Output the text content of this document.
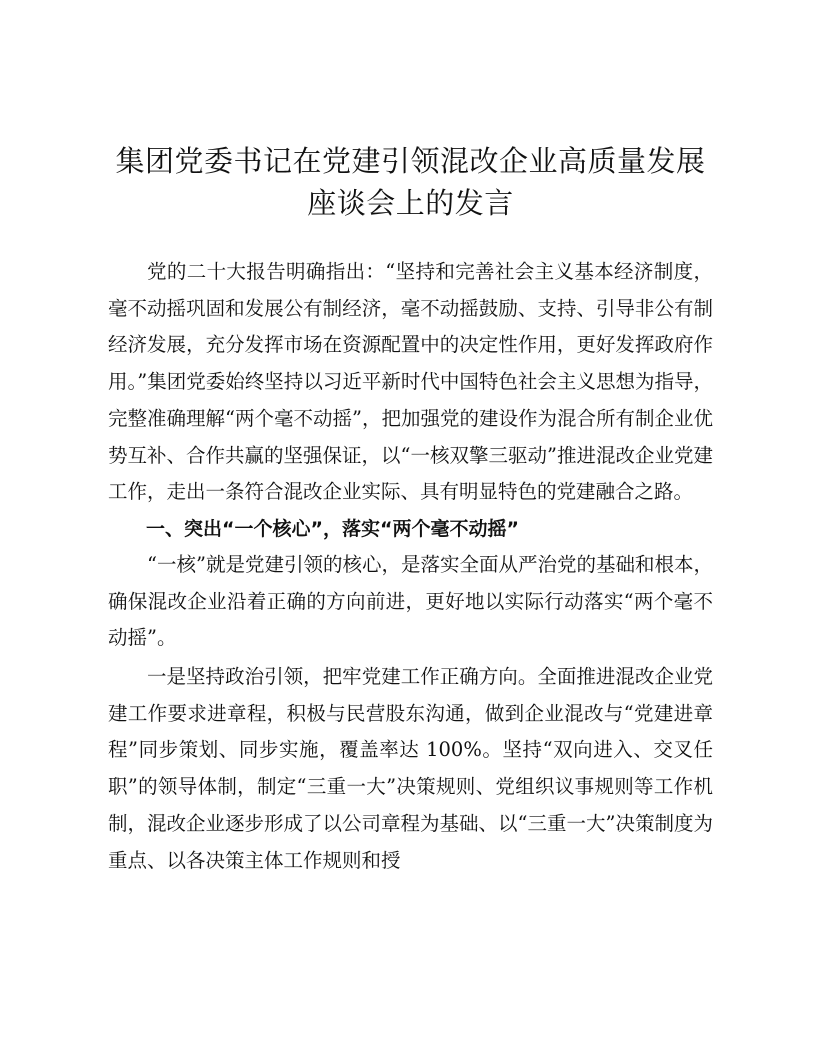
集团党委书记在党建引领混改企业高质量发展
座谈会上的发言

党的二十大报告明确指出：“坚持和完善社会主义基本经济制度，毫不动摇巩固和发展公有制经济，毫不动摇鼓励、支持、引导非公有制经济发展，充分发挥市场在资源配置中的决定性作用，更好发挥政府作用。”集团党委始终坚持以习近平新时代中国特色社会主义思想为指导，完整准确理解“两个毫不动摇”，把加强党的建设作为混合所有制企业优势互补、合作共赢的坚强保证，以“一核双擎三驱动”推进混改企业党建工作，走出一条符合混改企业实际、具有明显特色的党建融合之路。

一、突出“一个核心”，落实“两个毫不动摇”

“一核”就是党建引领的核心，是落实全面从严治党的基础和根本，确保混改企业沿着正确的方向前进，更好地以实际行动落实“两个毫不动摇”。

一是坚持政治引领，把牢党建工作正确方向。全面推进混改企业党建工作要求进章程，积极与民营股东沟通，做到企业混改与“党建进章程”同步策划、同步实施，覆盖率达 100%。坚持“双向进入、交叉任职”的领导体制，制定“三重一大”决策规则、党组织议事规则等工作机制，混改企业逐步形成了以公司章程为基础、以“三重一大”决策制度为重点、以各决策主体工作规则和授
